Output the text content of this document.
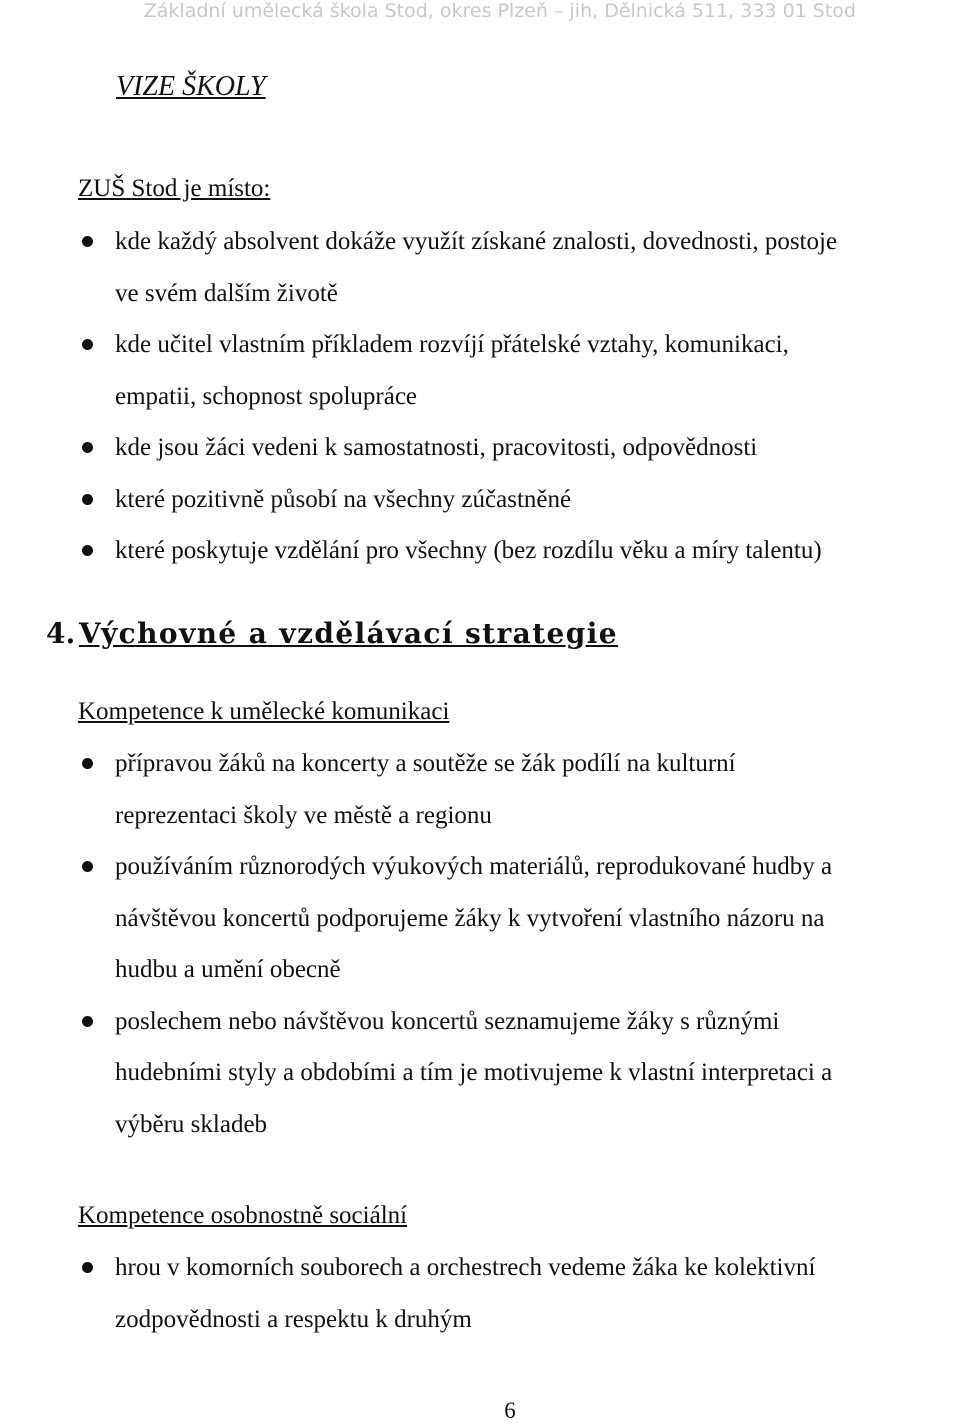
Základní umělecká škola Stod, okres Plzeň – jih, Dělnická 511, 333 01 Stod
VIZE ŠKOLY
ZUŠ Stod je místo:
kde každý absolvent dokáže využít získané znalosti, dovednosti, postoje
ve svém dalším životě
kde učitel vlastním příkladem rozvíjí přátelské vztahy, komunikaci,
empatii, schopnost spolupráce
kde jsou žáci vedeni k samostatnosti, pracovitosti, odpovědnosti
které pozitivně působí na všechny zúčastněné
které poskytuje vzdělání pro všechny (bez rozdílu věku a míry talentu)
4. Výchovné a vzdělávací strategie
Kompetence k umělecké komunikaci
přípravou žáků na koncerty a soutěže se žák podílí na kulturní
reprezentaci školy ve městě a regionu
používáním různorodých výukových materiálů, reprodukované hudby a
návštěvou koncertů podporujeme žáky k vytvoření vlastního názoru na
hudbu a umění obecně
poslechem nebo návštěvou koncertů seznamujeme žáky s různými
hudebními styly a obdobími a tím je motivujeme k vlastní interpretaci a
výběru skladeb
Kompetence osobnostně sociální
hrou v komorních souborech a orchestrech vedeme žáka ke kolektivní
zodpovědnosti a respektu k druhým
6
